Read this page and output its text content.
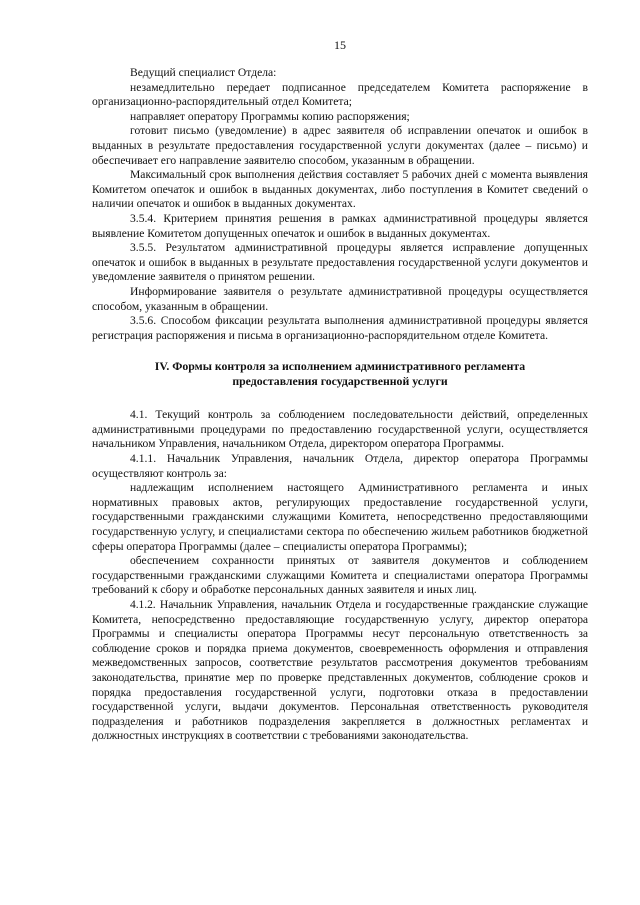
15

Ведущий специалист Отдела:

незамедлительно передает подписанное председателем Комитета распоряжение в организационно-распорядительный отдел Комитета;

направляет оператору Программы копию распоряжения;

готовит письмо (уведомление) в адрес заявителя об исправлении опечаток и ошибок в выданных в результате предоставления государственной услуги документах (далее – письмо) и обеспечивает его направление заявителю способом, указанным в обращении.

Максимальный срок выполнения действия составляет 5 рабочих дней с момента выявления Комитетом опечаток и ошибок в выданных документах, либо поступления в Комитет сведений о наличии опечаток и ошибок в выданных документах.

3.5.4. Критерием принятия решения в рамках административной процедуры является выявление Комитетом допущенных опечаток и ошибок в выданных документах.

3.5.5. Результатом административной процедуры является исправление допущенных опечаток и ошибок в выданных в результате предоставления государственной услуги документов и уведомление заявителя о принятом решении.

Информирование заявителя о результате административной процедуры осуществляется способом, указанным в обращении.

3.5.6. Способом фиксации результата выполнения административной процедуры является регистрация распоряжения и письма в организационно-распорядительном отделе Комитета.

IV. Формы контроля за исполнением административного регламента
предоставления государственной услуги

4.1. Текущий контроль за соблюдением последовательности действий, определенных административными процедурами по предоставлению государственной услуги, осуществляется начальником Управления, начальником Отдела, директором оператора Программы.

4.1.1. Начальник Управления, начальник Отдела, директор оператора Программы осуществляют контроль за:

надлежащим исполнением настоящего Административного регламента и иных нормативных правовых актов, регулирующих предоставление государственной услуги, государственными гражданскими служащими Комитета, непосредственно предоставляющими государственную услугу, и специалистами сектора по обеспечению жильем работников бюджетной сферы оператора Программы (далее – специалисты оператора Программы);

обеспечением сохранности принятых от заявителя документов и соблюдением государственными гражданскими служащими Комитета и специалистами оператора Программы требований к сбору и обработке персональных данных заявителя и иных лиц.

4.1.2. Начальник Управления, начальник Отдела и государственные гражданские служащие Комитета, непосредственно предоставляющие государственную услугу, директор оператора Программы и специалисты оператора Программы несут персональную ответственность за соблюдение сроков и порядка приема документов, своевременность оформления и отправления межведомственных запросов, соответствие результатов рассмотрения документов требованиям законодательства, принятие мер по проверке представленных документов, соблюдение сроков и порядка предоставления государственной услуги, подготовки отказа в предоставлении государственной услуги, выдачи документов. Персональная ответственность руководителя подразделения и работников подразделения закрепляется в должностных регламентах и должностных инструкциях в соответствии с требованиями законодательства.
